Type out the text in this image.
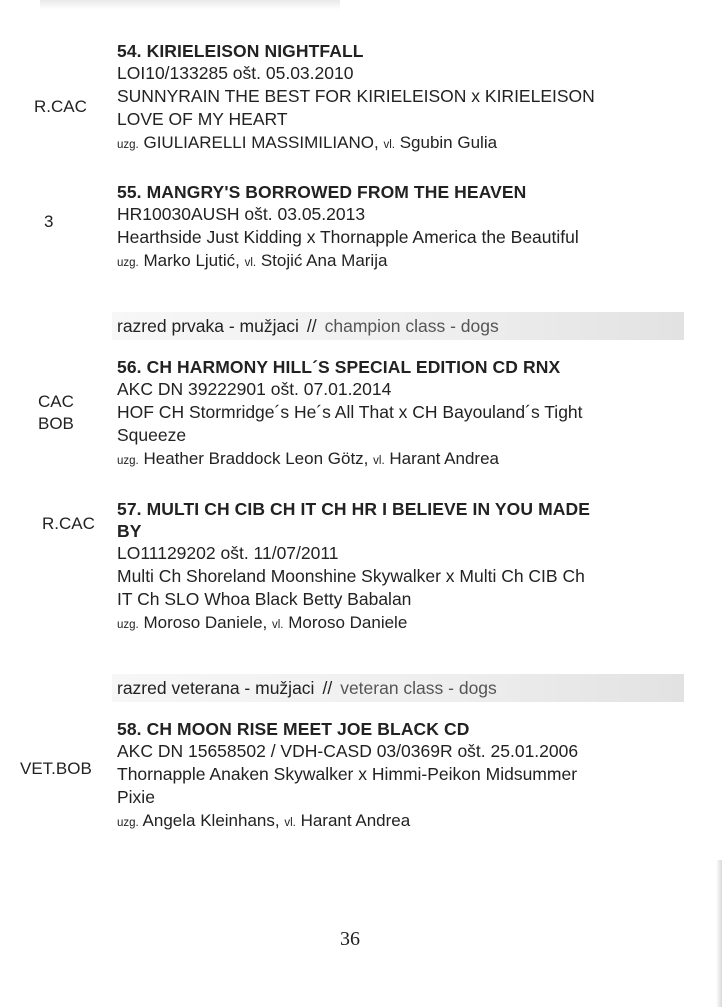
R.CAC
54. KIRIELEISON NIGHTFALL
LOI10/133285 ošt. 05.03.2010
SUNNYRAIN THE BEST FOR KIRIELEISON x KIRIELEISON
LOVE OF MY HEART
uzg. GIULIARELLI MASSIMILIANO, vl. Sgubin Gulia
3
55. MANGRY'S BORROWED FROM THE HEAVEN
HR10030AUSH ošt. 03.05.2013
Hearthside Just Kidding x Thornapple America the Beautiful
uzg. Marko Ljutić, vl. Stojić Ana Marija
razred prvaka - mužjaci // champion class - dogs
CAC
BOB
56. CH HARMONY HILL´S SPECIAL EDITION CD RNX
AKC DN 39222901 ošt. 07.01.2014
HOF CH Stormridge´s He´s All That x CH Bayouland´s Tight
Squeeze
uzg. Heather Braddock Leon Götz, vl. Harant Andrea
R.CAC
57. MULTI CH CIB CH IT CH HR I BELIEVE IN YOU MADE
BY
LO11129202 ošt. 11/07/2011
Multi Ch Shoreland Moonshine Skywalker x Multi Ch CIB Ch
IT Ch SLO Whoa Black Betty Babalan
uzg. Moroso Daniele, vl. Moroso Daniele
razred veterana - mužjaci // veteran class - dogs
VET.BOB
58. CH MOON RISE MEET JOE BLACK CD
AKC DN 15658502 / VDH-CASD 03/0369R ošt. 25.01.2006
Thornapple Anaken Skywalker x Himmi-Peikon Midsummer
Pixie
uzg. Angela Kleinhans, vl. Harant Andrea
36
